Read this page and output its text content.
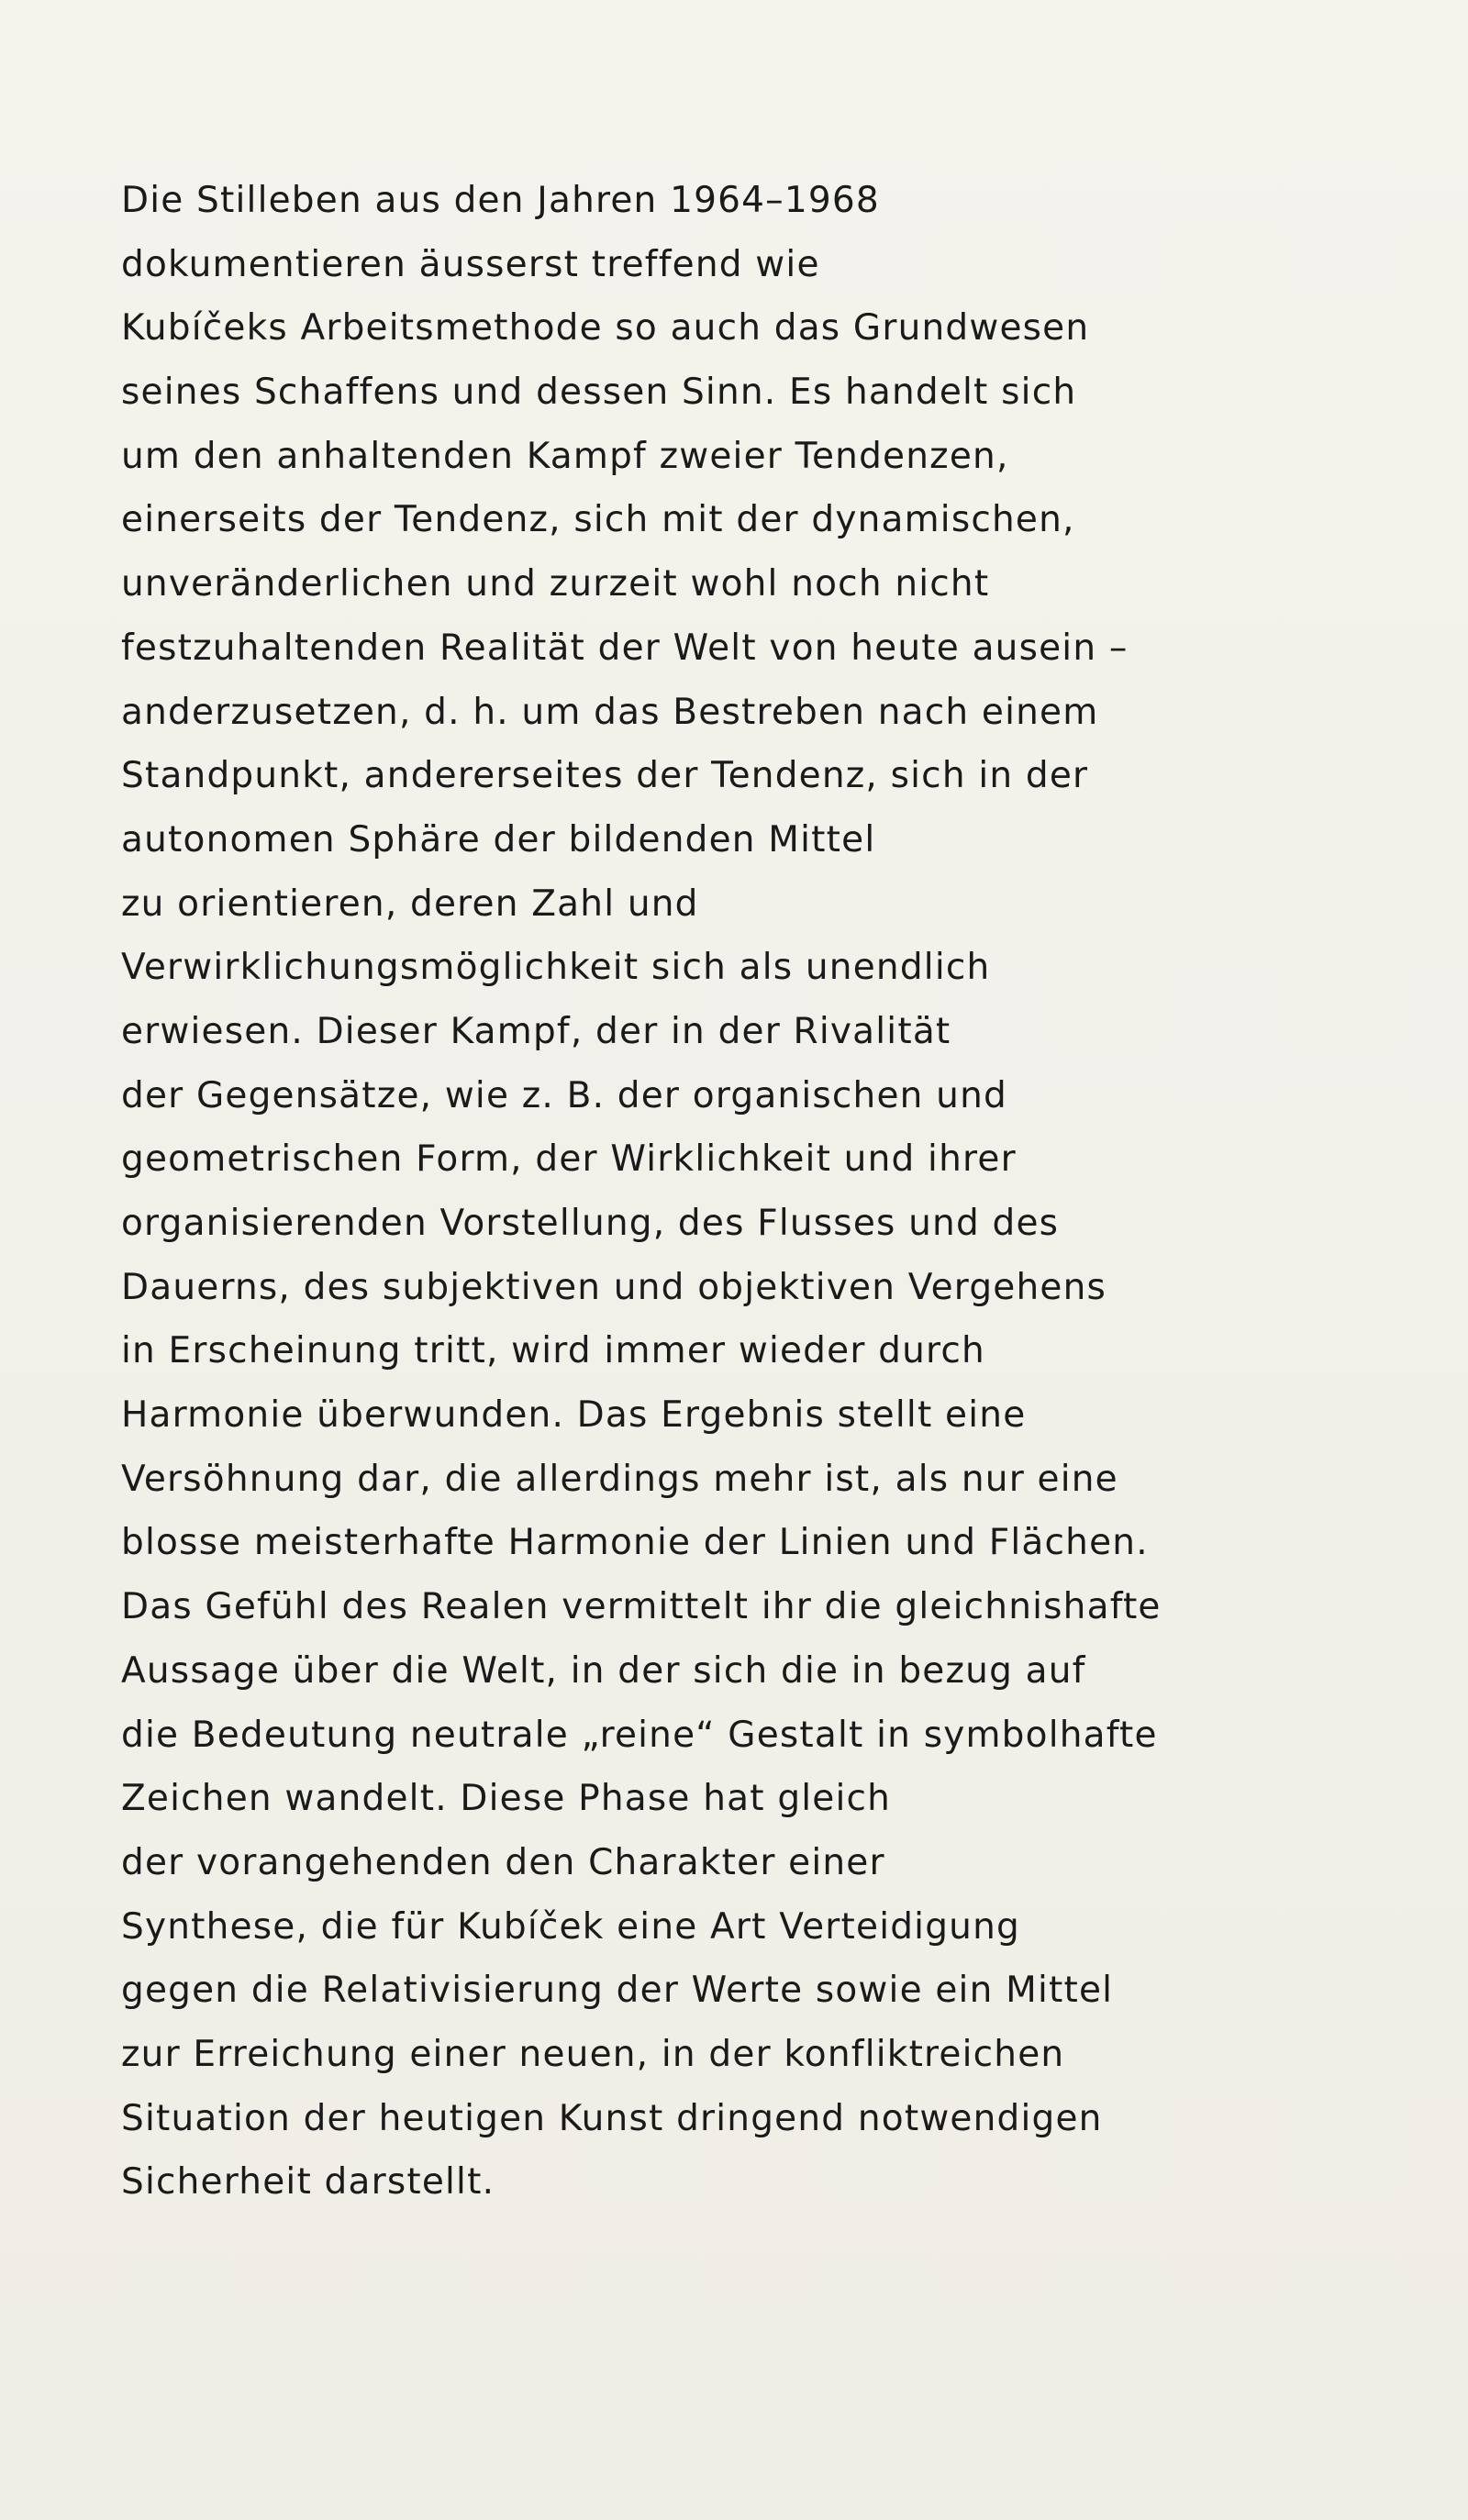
Die Stilleben aus den Jahren 1964–1968
dokumentieren äusserst treffend wie
Kubíčeks Arbeitsmethode so auch das Grundwesen
seines Schaffens und dessen Sinn. Es handelt sich
um den anhaltenden Kampf zweier Tendenzen,
einerseits der Tendenz, sich mit der dynamischen,
unveränderlichen und zurzeit wohl noch nicht
festzuhaltenden Realität der Welt von heute ausein –
anderzusetzen, d. h. um das Bestreben nach einem
Standpunkt, andererseites der Tendenz, sich in der
autonomen Sphäre der bildenden Mittel
zu orientieren, deren Zahl und
Verwirklichungsmöglichkeit sich als unendlich
erwiesen. Dieser Kampf, der in der Rivalität
der Gegensätze, wie z. B. der organischen und
geometrischen Form, der Wirklichkeit und ihrer
organisierenden Vorstellung, des Flusses und des
Dauerns, des subjektiven und objektiven Vergehens
in Erscheinung tritt, wird immer wieder durch
Harmonie überwunden. Das Ergebnis stellt eine
Versöhnung dar, die allerdings mehr ist, als nur eine
blosse meisterhafte Harmonie der Linien und Flächen.
Das Gefühl des Realen vermittelt ihr die gleichnishafte
Aussage über die Welt, in der sich die in bezug auf
die Bedeutung neutrale „reine“ Gestalt in symbolhafte
Zeichen wandelt. Diese Phase hat gleich
der vorangehenden den Charakter einer
Synthese, die für Kubíček eine Art Verteidigung
gegen die Relativisierung der Werte sowie ein Mittel
zur Erreichung einer neuen, in der konfliktreichen
Situation der heutigen Kunst dringend notwendigen
Sicherheit darstellt.
